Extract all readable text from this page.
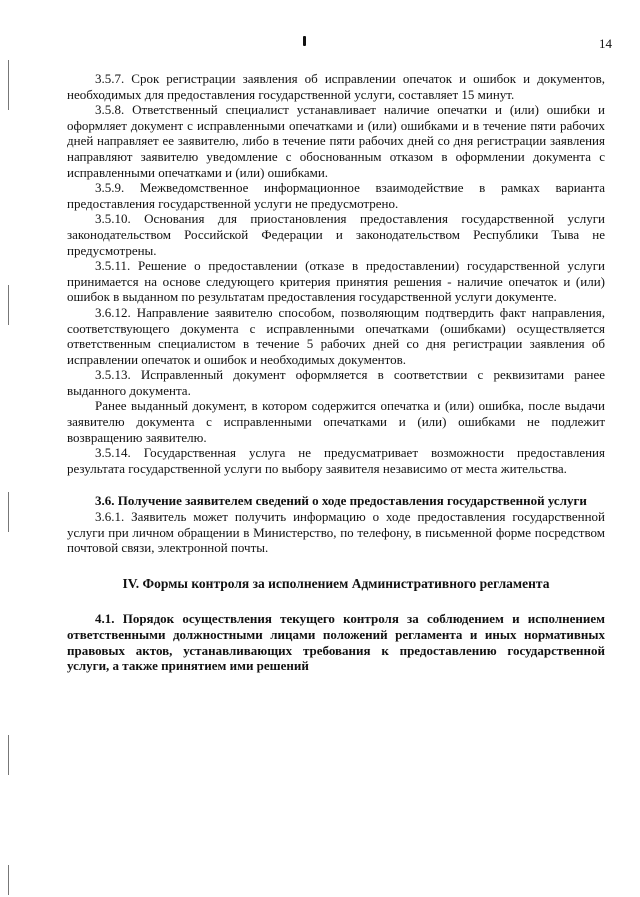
14

3.5.7. Срок регистрации заявления об исправлении опечаток и ошибок и документов, необходимых для предоставления государственной услуги, составляет 15 минут.

3.5.8. Ответственный специалист устанавливает наличие опечатки и (или) ошибки и оформляет документ с исправленными опечатками и (или) ошибками и в течение пяти рабочих дней направляет ее заявителю, либо в течение пяти рабочих дней со дня регистрации заявления направляют заявителю уведомление с обоснованным отказом в оформлении документа с исправленными опечатками и (или) ошибками.

3.5.9. Межведомственное информационное взаимодействие в рамках варианта предоставления государственной услуги не предусмотрено.

3.5.10. Основания для приостановления предоставления государственной услуги законодательством Российской Федерации и законодательством Республики Тыва не предусмотрены.

3.5.11. Решение о предоставлении (отказе в предоставлении) государственной услуги принимается на основе следующего критерия принятия решения - наличие опечаток и (или) ошибок в выданном по результатам предоставления государственной услуги документе.

3.6.12. Направление заявителю способом, позволяющим подтвердить факт направления, соответствующего документа с исправленными опечатками (ошибками) осуществляется ответственным специалистом в течение 5 рабочих дней со дня регистрации заявления об исправлении опечаток и ошибок и необходимых документов.

3.5.13. Исправленный документ оформляется в соответствии с реквизитами ранее выданного документа.

Ранее выданный документ, в котором содержится опечатка и (или) ошибка, после выдачи заявителю документа с исправленными опечатками и (или) ошибками не подлежит возвращению заявителю.

3.5.14. Государственная услуга не предусматривает возможности предоставления результата государственной услуги по выбору заявителя независимо от места жительства.

3.6. Получение заявителем сведений о ходе предоставления государственной услуги

3.6.1. Заявитель может получить информацию о ходе предоставления государственной услуги при личном обращении в Министерство, по телефону, в письменной форме посредством почтовой связи, электронной почты.

IV. Формы контроля за исполнением Административного регламента

4.1. Порядок осуществления текущего контроля за соблюдением и исполнением ответственными должностными лицами положений регламента и иных нормативных правовых актов, устанавливающих требования к предоставлению государственной услуги, а также принятием ими решений
